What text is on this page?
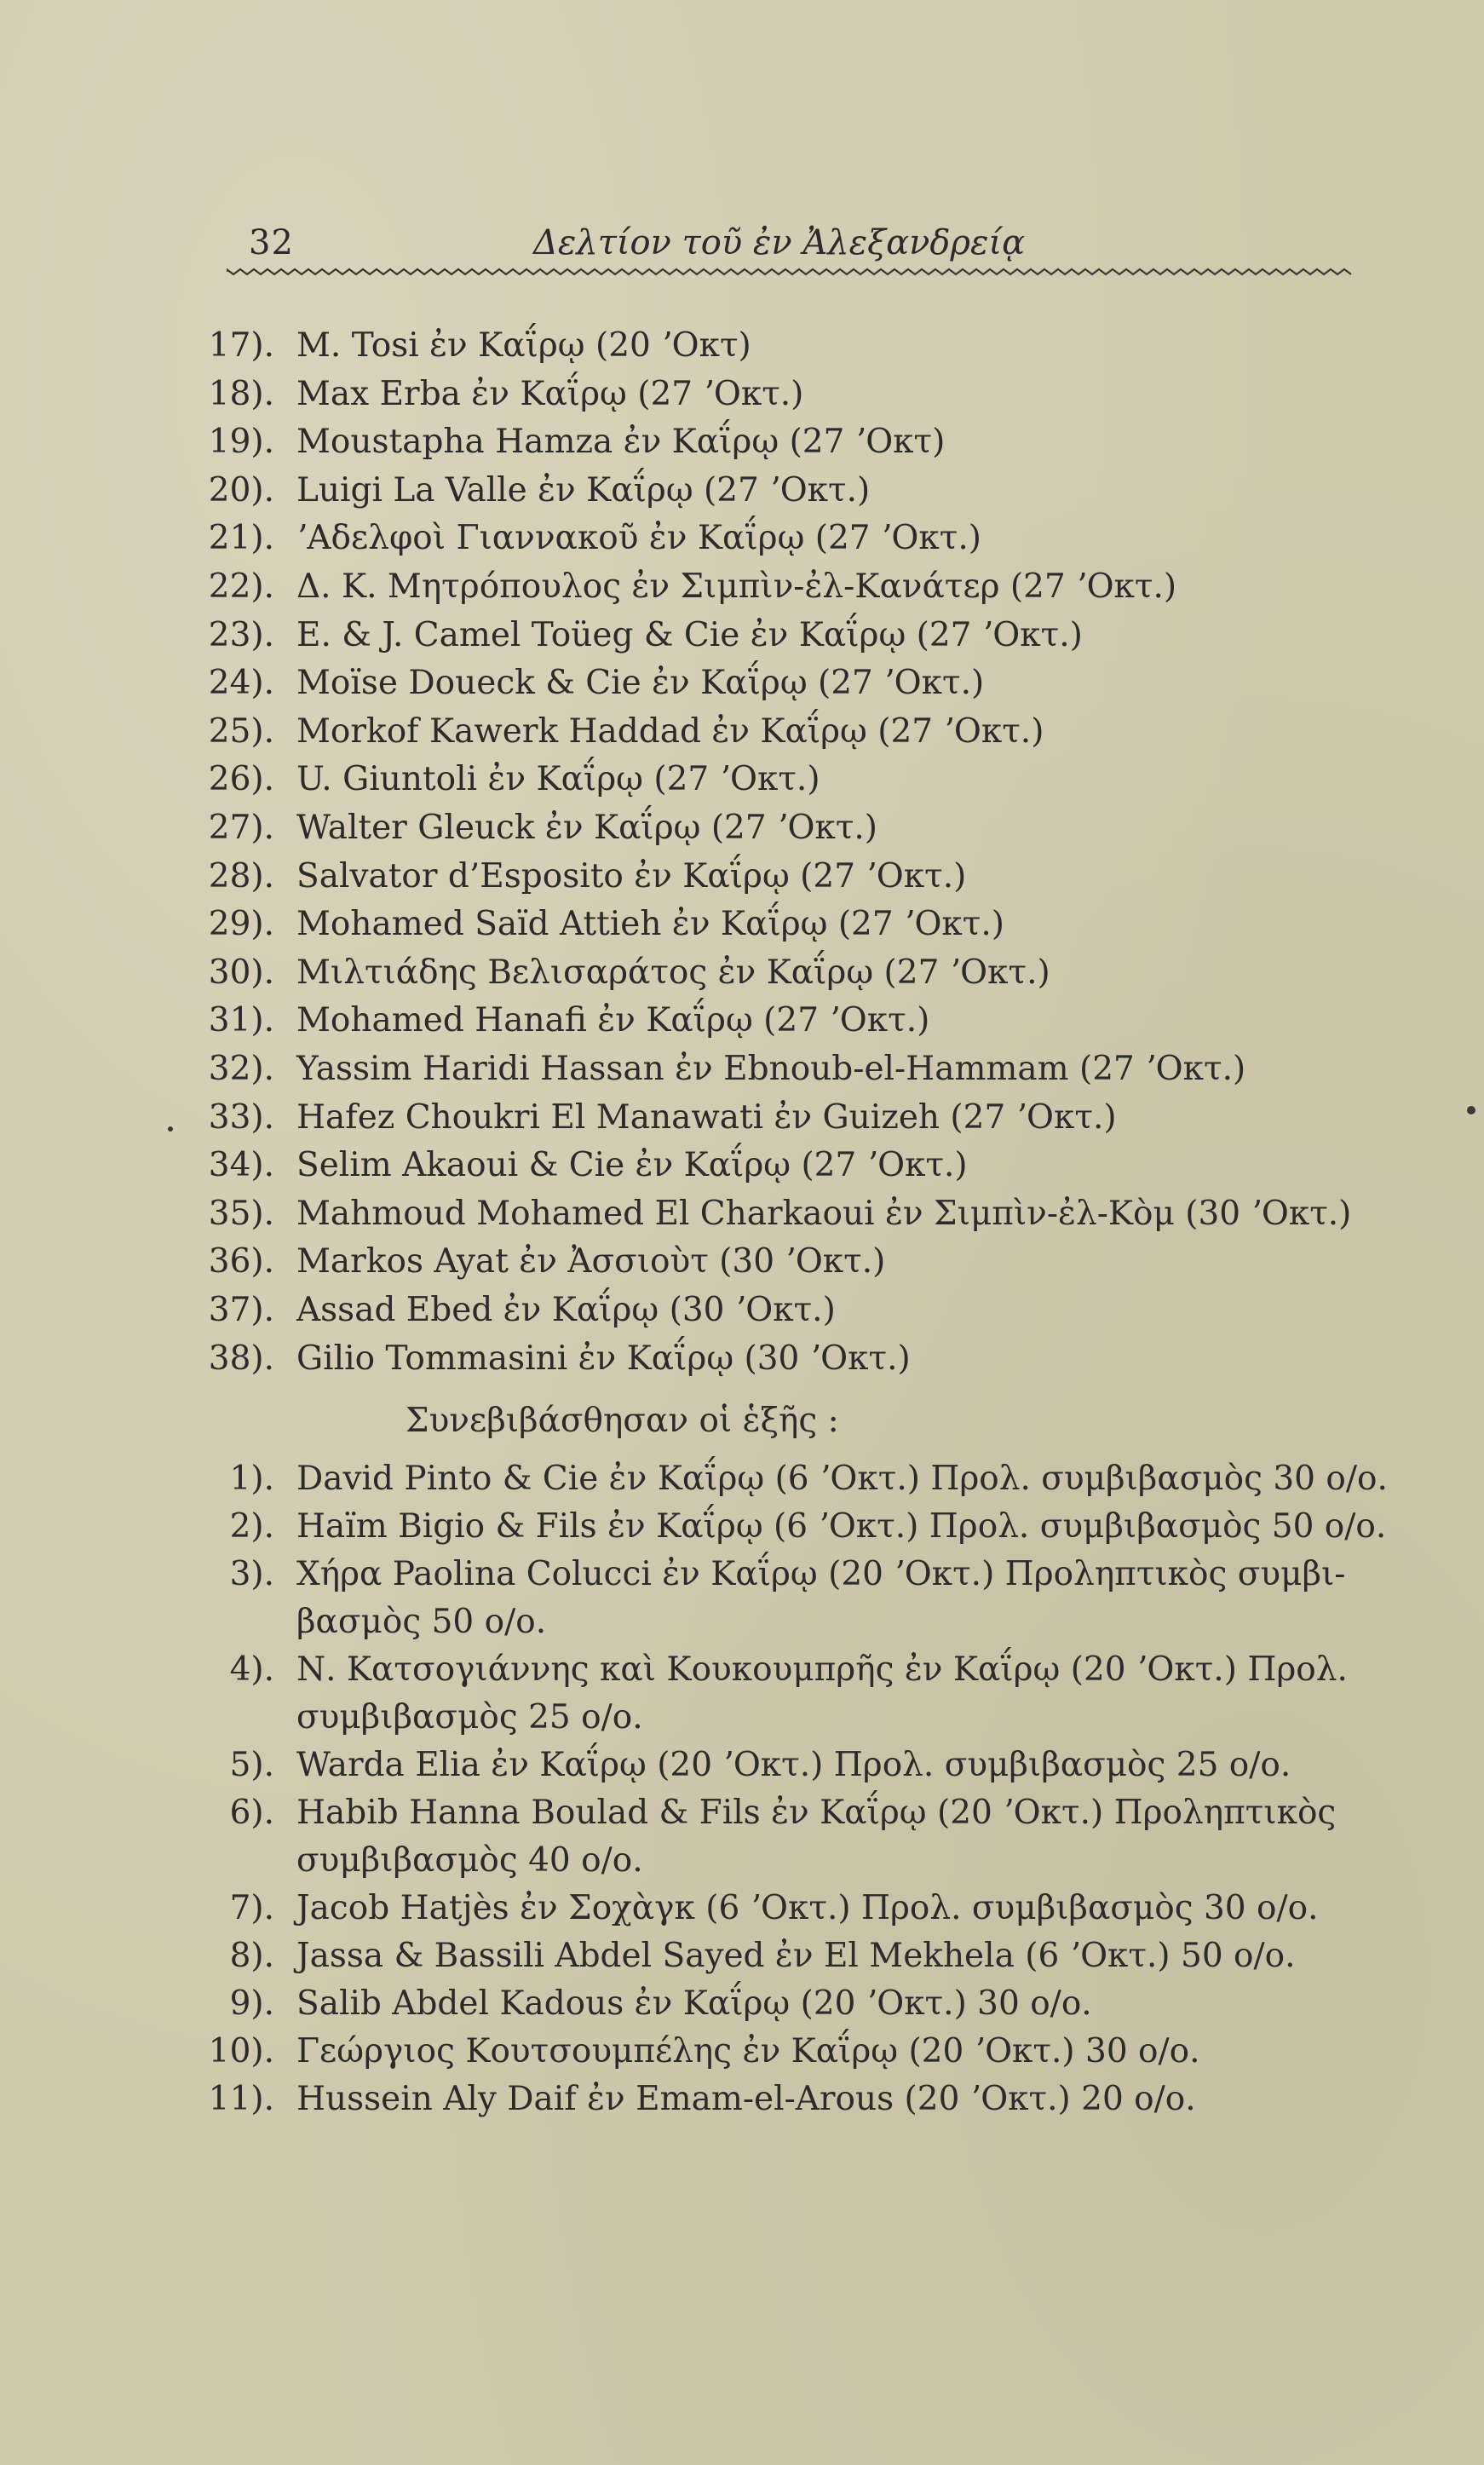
32	Δελτίον τοῦ ἐν Ἀλεξανδρείᾳ
17). M. Tosi ἐν Καΐρῳ (20 ʼΟκτ)
18). Max Erba ἐν Καΐρῳ (27 ʼΟκτ.)
19). Moustapha Hamza ἐν Καΐρῳ (27 ʼΟκτ)
20). Luigi La Valle ἐν Καΐρῳ (27 ʼΟκτ.)
21). ʼΑδελφοὶ Γιαννακοῦ ἐν Καΐρῳ (27 ʼΟκτ.)
22). Δ. Κ. Μητρόπουλος ἐν Σιμπὶν-ἐλ-Κανάτερ (27 ʼΟκτ.)
23). E. & J. Camel Toüeg & Cie ἐν Καΐρῳ (27 ʼΟκτ.)
24). Moïse Doueck & Cie ἐν Καΐρῳ (27 ʼΟκτ.)
25). Morkof Kawerk Haddad ἐν Καΐρῳ (27 ʼΟκτ.)
26). U. Giuntoli ἐν Καΐρῳ (27 ʼΟκτ.)
27). Walter Gleuck ἐν Καΐρῳ (27 ʼΟκτ.)
28). Salvator d’Esposito ἐν Καΐρῳ (27 ʼΟκτ.)
29). Mohamed Saïd Attieh ἐν Καΐρῳ (27 ʼΟκτ.)
30). Μιλτιάδης Βελισαράτος ἐν Καΐρῳ (27 ʼΟκτ.)
31). Mohamed Hanafi ἐν Καΐρῳ (27 ʼΟκτ.)
32). Yassim Haridi Hassan ἐν Ebnoub-el-Hammam (27 ʼΟκτ.)
33). Hafez Choukri El Manawati ἐν Guizeh (27 ʼΟκτ.)
34). Selim Akaoui & Cie ἐν Καΐρῳ (27 ʼΟκτ.)
35). Mahmoud Mohamed El Charkaoui ἐν Σιμπὶν-ἐλ-Κὸμ (30 ʼΟκτ.)
36). Markos Ayat ἐν Ἀσσιοὺτ (30 ʼΟκτ.)
37). Assad Ebed ἐν Καΐρῳ (30 ʼΟκτ.)
38). Gilio Tommasini ἐν Καΐρῳ (30 ʼΟκτ.)
Συνεβιβάσθησαν οἱ ἑξῆς :
1). David Pinto & Cie ἐν Καΐρῳ (6 ʼΟκτ.) Προλ. συμβιβασμὸς 30 ο/ο.
2). Haïm Bigio & Fils ἐν Καΐρῳ (6 ʼΟκτ.) Προλ. συμβιβασμὸς 50 ο/ο.
3). Χήρα Paolina Colucci ἐν Καΐρῳ (20 ʼΟκτ.) Προληπτικὸς συμβι-
βασμὸς 50 ο/ο.
4). Ν. Κατσογιάννης καὶ Κουκουμπρῆς ἐν Καΐρῳ (20 ʼΟκτ.) Προλ.
συμβιβασμὸς 25 ο/ο.
5). Warda Elia ἐν Καΐρῳ (20 ʼΟκτ.) Προλ. συμβιβασμὸς 25 ο/ο.
6). Habib Hanna Boulad & Fils ἐν Καΐρῳ (20 ʼΟκτ.) Προληπτικὸς
συμβιβασμὸς 40 ο/ο.
7). Jacob Hatjès ἐν Σοχὰγκ (6 ʼΟκτ.) Προλ. συμβιβασμὸς 30 ο/ο.
8). Jassa & Bassili Abdel Sayed ἐν El Mekhela (6 ʼΟκτ.) 50 ο/ο.
9). Salib Abdel Kadous ἐν Καΐρῳ (20 ʼΟκτ.) 30 ο/ο.
10). Γεώργιος Κουτσουμπέλης ἐν Καΐρῳ (20 ʼΟκτ.) 30 ο/ο.
11). Hussein Aly Daif ἐν Emam-el-Arous (20 ʼΟκτ.) 20 ο/ο.
